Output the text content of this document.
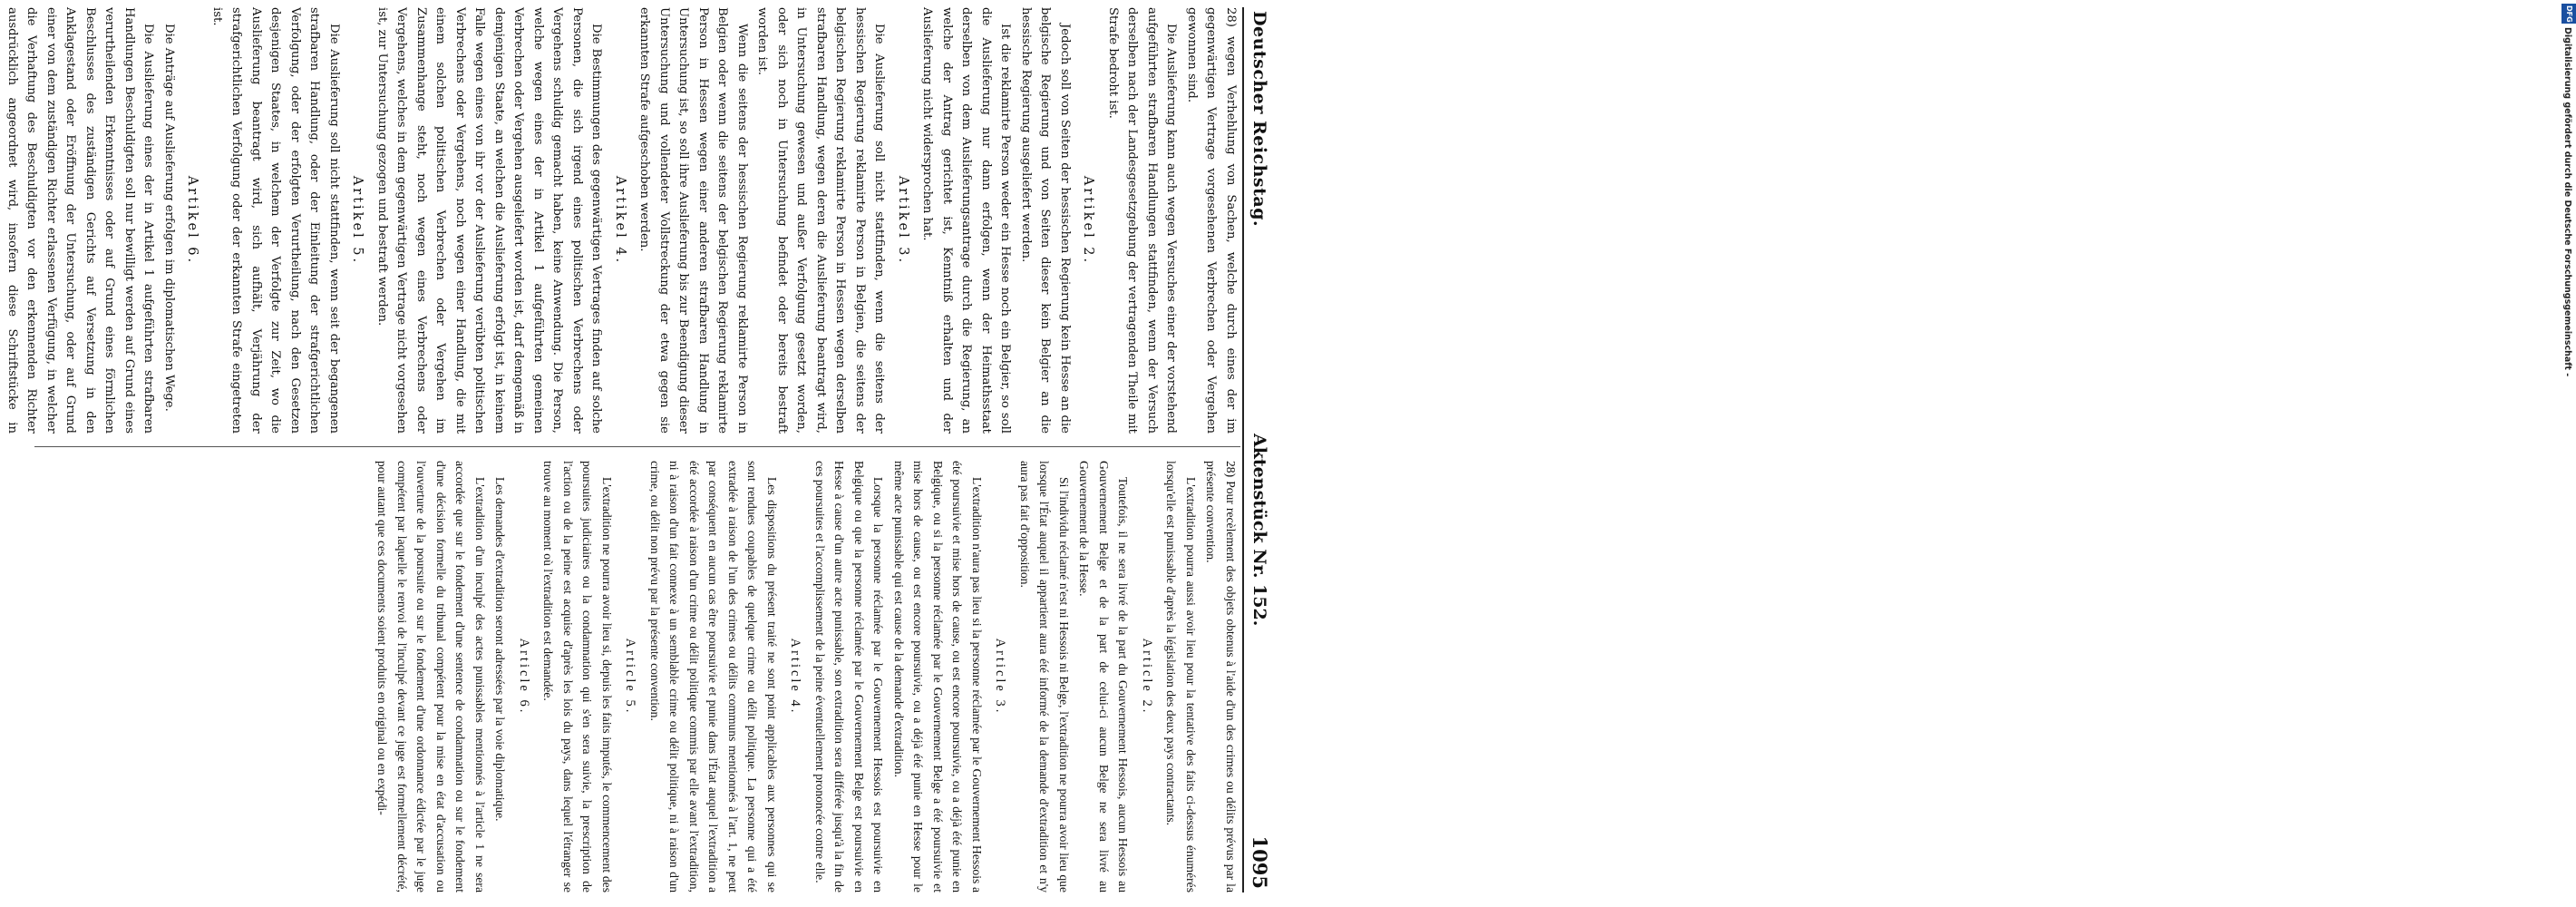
Deutscher Reichstag.
Aktenstück Nr. 152.
1095

28) wegen Verhehlung von Sachen, welche durch eines der im gegenwärtigen Vertrage vorgesehenen Verbrechen oder Vergehen gewonnen sind.

Die Auslieferung kann auch wegen Versuches einer der vorstehend aufgeführten strafbaren Handlungen stattfinden, wenn der Versuch derselben nach der Landesgesetzgebung der vertragenden Theile mit Strafe bedroht ist.

Artikel 2.

Jedoch soll von Seiten der hessischen Regierung kein Hesse an die belgische Regierung und von Seiten dieser kein Belgier an die hessische Regierung ausgeliefert werden.

Ist die reklamirte Person weder ein Hesse noch ein Belgier, so soll die Auslieferung nur dann erfolgen, wenn der Heimathsstaat derselben von dem Auslieferungsantrage durch die Regierung, an welche der Antrag gerichtet ist, Kenntniß erhalten und der Auslieferung nicht widersprochen hat.

Artikel 3.

Die Auslieferung soll nicht stattfinden, wenn die seitens der hessischen Regierung reklamirte Person in Belgien, die seitens der belgischen Regierung reklamirte Person in Hessen wegen derselben strafbaren Handlung, wegen deren die Auslieferung beantragt wird, in Untersuchung gewesen und außer Verfolgung gesetzt worden, oder sich noch in Untersuchung befindet oder bereits bestraft worden ist.

Wenn die seitens der hessischen Regierung reklamirte Person in Belgien oder wenn die seitens der belgischen Regierung reklamirte Person in Hessen wegen einer anderen strafbaren Handlung in Untersuchung ist, so soll ihre Auslieferung bis zur Beendigung dieser Untersuchung und vollendeter Vollstreckung der etwa gegen sie erkannten Strafe aufgeschoben werden.

Artikel 4.

Die Bestimmungen des gegenwärtigen Vertrages finden auf solche Personen, die sich irgend eines politischen Verbrechens oder Vergehens schuldig gemacht haben, keine Anwendung. Die Person, welche wegen eines der in Artikel 1 aufgeführten gemeinen Verbrechen oder Vergehen ausgeliefert worden ist, darf demgemäß in demjenigen Staate, an welchen die Auslieferung erfolgt ist, in keinem Falle wegen eines von ihr vor der Auslieferung verübten politischen Verbrechens oder Vergehens, noch wegen einer Handlung, die mit einem solchen politischen Verbrechen oder Vergehen im Zusammenhange steht, noch wegen eines Verbrechens oder Vergehens, welches in dem gegenwärtigen Vertrage nicht vorgesehen ist, zur Untersuchung gezogen und bestraft werden.

Artikel 5.

Die Auslieferung soll nicht stattfinden, wenn seit der begangenen strafbaren Handlung, oder der Einleitung der strafgerichtlichen Verfolgung, oder der erfolgten Verurtheilung, nach den Gesetzen desjenigen Staates, in welchem der Verfolgte zur Zeit, wo die Auslieferung beantragt wird, sich aufhält, Verjährung der strafgerichtlichen Verfolgung oder der erkannten Strafe eingetreten ist.

Artikel 6.

Die Anträge auf Auslieferung erfolgen im diplomatischen Wege.

Die Auslieferung eines der in Artikel 1 aufgeführten strafbaren Handlungen Beschuldigten soll nur bewilligt werden auf Grund eines verurtheilenden Erkenntnisses oder auf Grund eines förmlichen Beschlusses des zuständigen Gerichts auf Versetzung in den Anklagestand oder Eröffnung der Untersuchung, oder auf Grund einer von dem zuständigen Richter erlassenen Verfügung, in welcher die Verhaftung des Beschuldigten vor den erkennenden Richter ausdrücklich angeordnet wird, insofern diese Schriftstücke in

28) Pour recèlement des objets obtenus à l'aide d'un des crimes ou délits prévus par la présente convention.

L'extradition pourra aussi avoir lieu pour la tentative des faits ci-dessus énumérés lorsqu'elle est punissable d'après la législation des deux pays contractants.

Article 2.

Toutefois, il ne sera livré de la part du Gouvernement Hessois, aucun Hessois au Gouvernement Belge et de la part de celui-ci aucun Belge ne sera livré au Gouvernement de la Hesse.

Si l'individu réclamé n'est ni Hessois ni Belge, l'extradition ne pourra avoir lieu que lorsque l'État auquel il appartient aura été informé de la demande d'extradition et n'y aura pas fait d'opposition.

Article 3.

L'extradition n'aura pas lieu si la personne réclamée par le Gouvernement Hessois a été poursuivie et mise hors de cause, ou est encore poursuivie, ou a déjà été punie en Belgique, ou si la personne réclamée par le Gouvernement Belge a été poursuivie et mise hors de cause, ou est encore poursuivie, ou a déjà été punie en Hesse pour le même acte punissable qui est cause de la demande d'extradition.

Lorsque la personne réclamée par le Gouvernement Hessois est poursuivie en Belgique ou que la personne réclamée par le Gouvernement Belge est poursuivie en Hesse à cause d'un autre acte punissable, son extradition sera différée jusqu'à la fin de ces poursuites et l'accomplissement de la peine éventuellement prononcée contre elle.

Article 4.

Les dispositions du présent traité ne sont point applicables aux personnes qui se sont rendues coupables de quelque crime ou délit politique. La personne qui a été extradée à raison de l'un des crimes ou délits communs mentionnés à l'art. 1, ne peut par conséquent en aucun cas être poursuivie et punie dans l'État auquel l'extradition a été accordée à raison d'un crime ou délit politique commis par elle avant l'extradition, ni à raison d'un fait connexe à un semblable crime ou délit politique, ni à raison d'un crime, ou délit non prévu par la présente convention.

Article 5.

L'extradition ne pourra avoir lieu si, depuis les faits imputés, le commencement des poursuites judiciaires ou la condamnation qui s'en sera suivie, la prescription de l'action ou de la peine est acquise d'après les lois du pays, dans lequel l'étranger se trouve au moment où l'extradition est demandée.

Article 6.

Les demandes d'extradition seront adressées par la voie diplomatique.

L'extradition d'un inculpé des actes punissables mentionnés à l'article 1 ne sera accordée que sur le fondement d'une sentence de condamnation ou sur le fondement d'une décision formelle du tribunal compétent pour la mise en état d'accusation ou l'ouverture de la poursuite ou sur le fondement d'une ordonnance édictée par le juge compétent par laquelle le renvoi de l'inculpé devant ce juge est formellement décrété, pour autant que ces documents soient produits en original ou en expédi-

DFG
Digitalisierung gefördert durch die Deutsche Forschungsgemeinschaft -
